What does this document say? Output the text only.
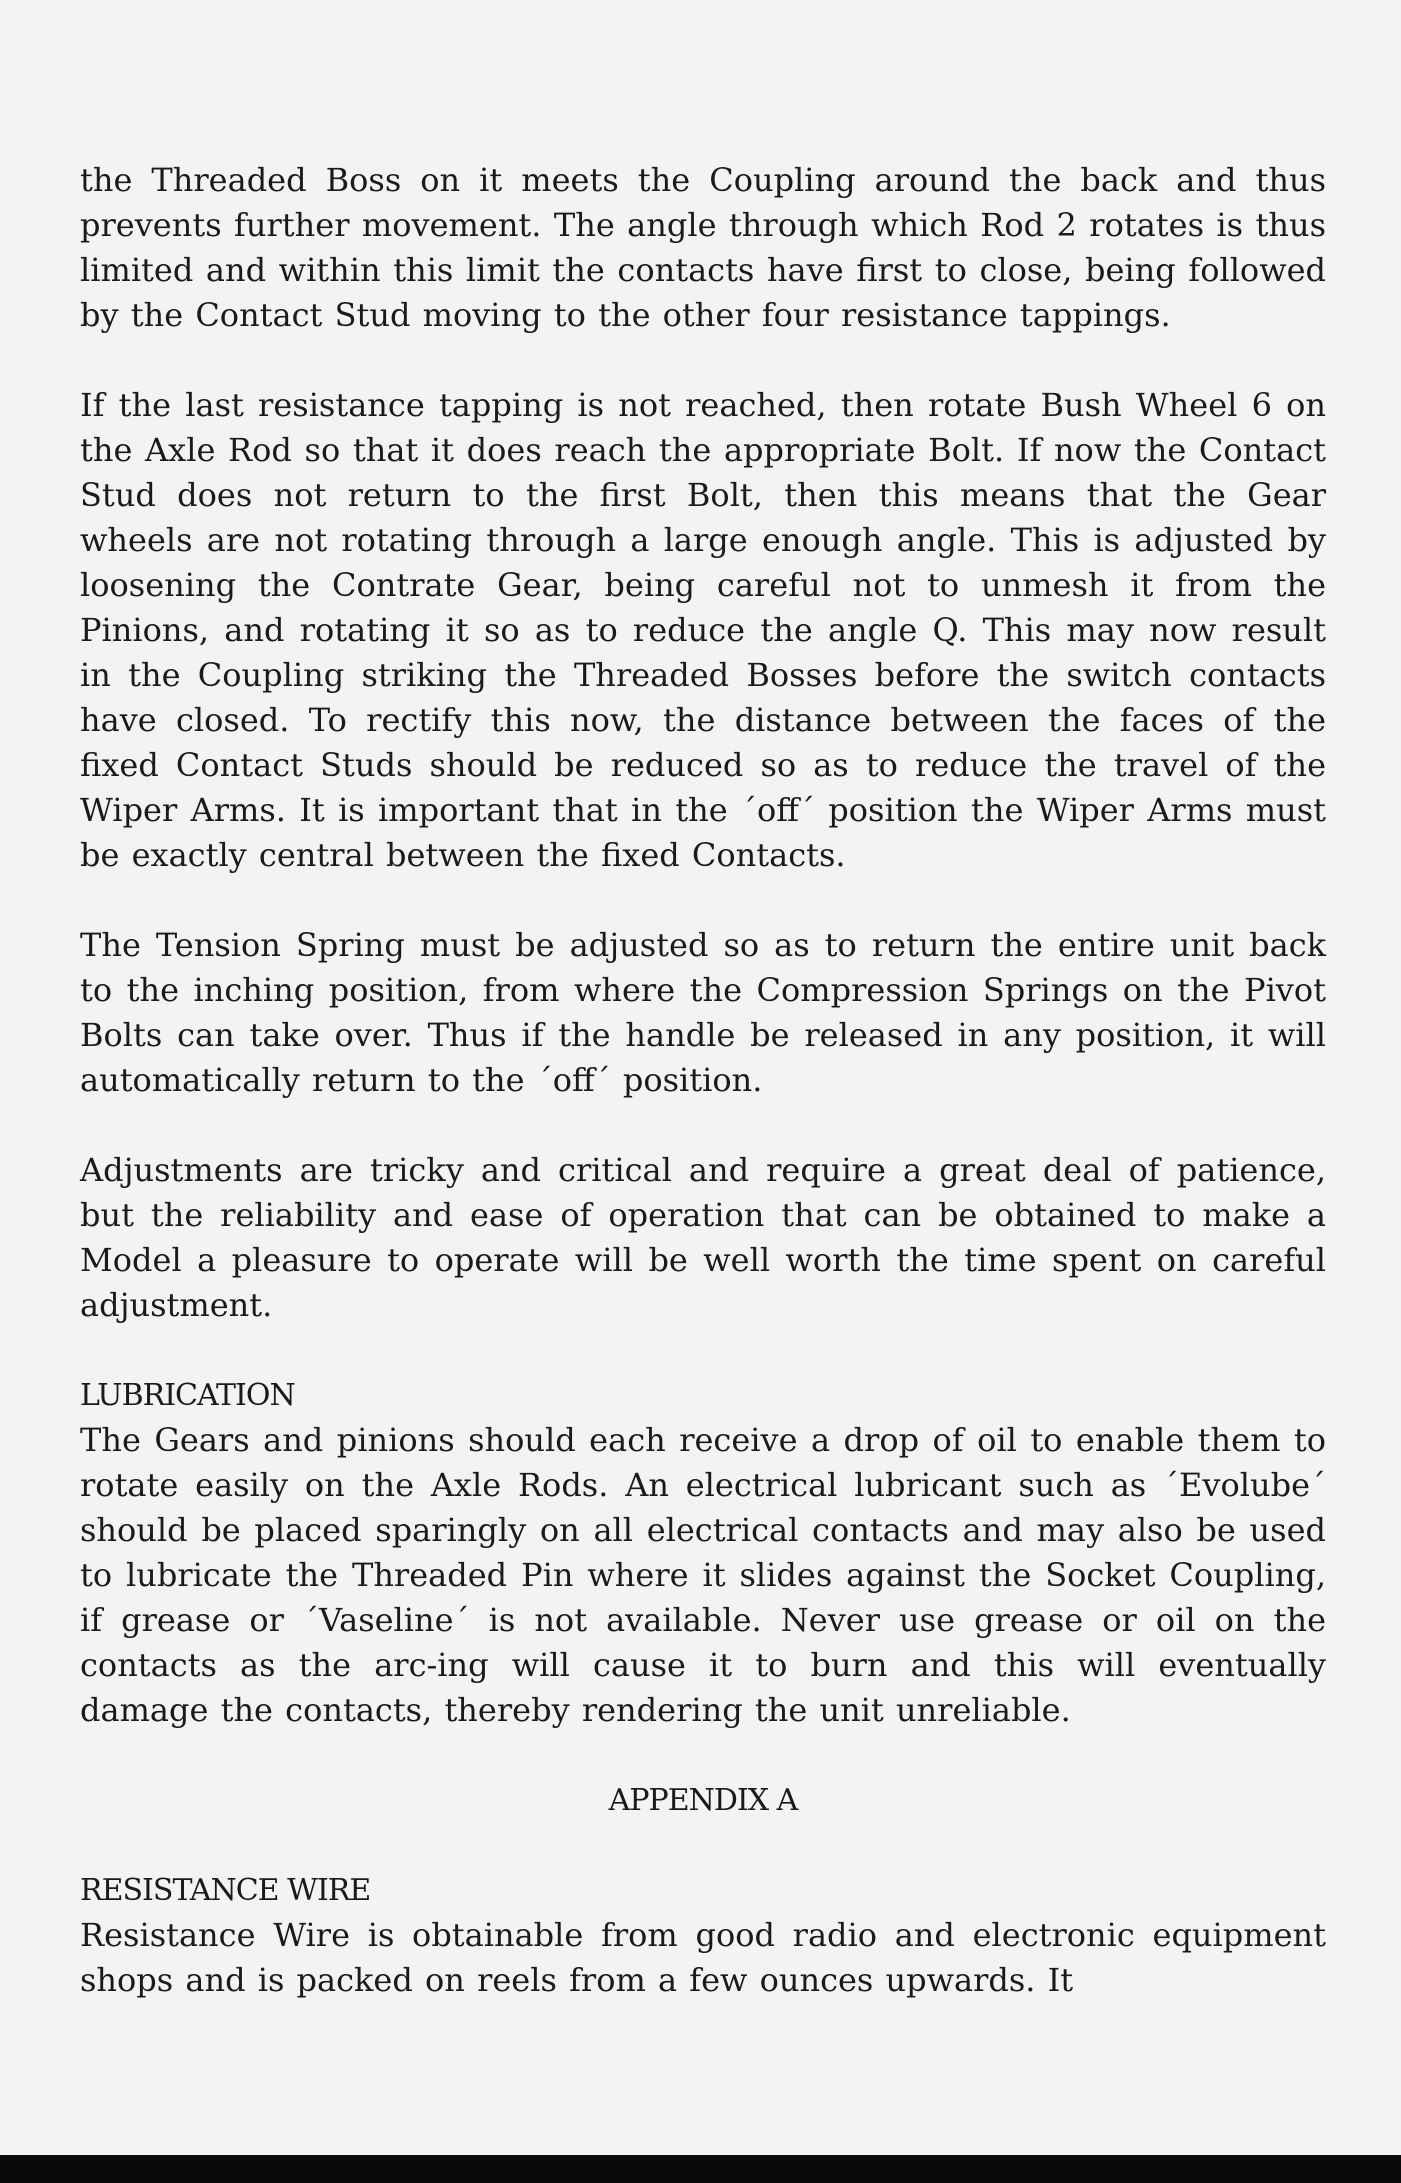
the Threaded Boss on it meets the Coupling around the back and thus prevents further movement. The angle through which Rod 2 rotates is thus limited and within this limit the contacts have first to close, being followed by the Contact Stud moving to the other four resistance tappings.

If the last resistance tapping is not reached, then rotate Bush Wheel 6 on the Axle Rod so that it does reach the appropriate Bolt. If now the Contact Stud does not return to the first Bolt, then this means that the Gear wheels are not rotating through a large enough angle. This is adjusted by loosening the Contrate Gear, being careful not to unmesh it from the Pinions, and rotating it so as to reduce the angle Q. This may now result in the Coupling striking the Threaded Bosses before the switch contacts have closed. To rectify this now, the distance between the faces of the fixed Contact Studs should be reduced so as to reduce the travel of the Wiper Arms. It is important that in the ´off´ position the Wiper Arms must be exactly central between the fixed Contacts.

The Tension Spring must be adjusted so as to return the entire unit back to the inching position, from where the Compression Springs on the Pivot Bolts can take over. Thus if the handle be released in any position, it will automatically return to the ´off´ position.

Adjustments are tricky and critical and require a great deal of patience, but the reliability and ease of operation that can be obtained to make a Model a pleasure to operate will be well worth the time spent on careful adjustment.

LUBRICATION

The Gears and pinions should each receive a drop of oil to enable them to rotate easily on the Axle Rods. An electrical lubricant such as ´Evolube´ should be placed sparingly on all electrical contacts and may also be used to lubricate the Threaded Pin where it slides against the Socket Coupling, if grease or ´Vaseline´ is not available. Never use grease or oil on the contacts as the arc-ing will cause it to burn and this will eventually damage the contacts, thereby rendering the unit unreliable.

APPENDIX A

RESISTANCE WIRE

Resistance Wire is obtainable from good radio and electronic equipment shops and is packed on reels from a few ounces upwards. It
